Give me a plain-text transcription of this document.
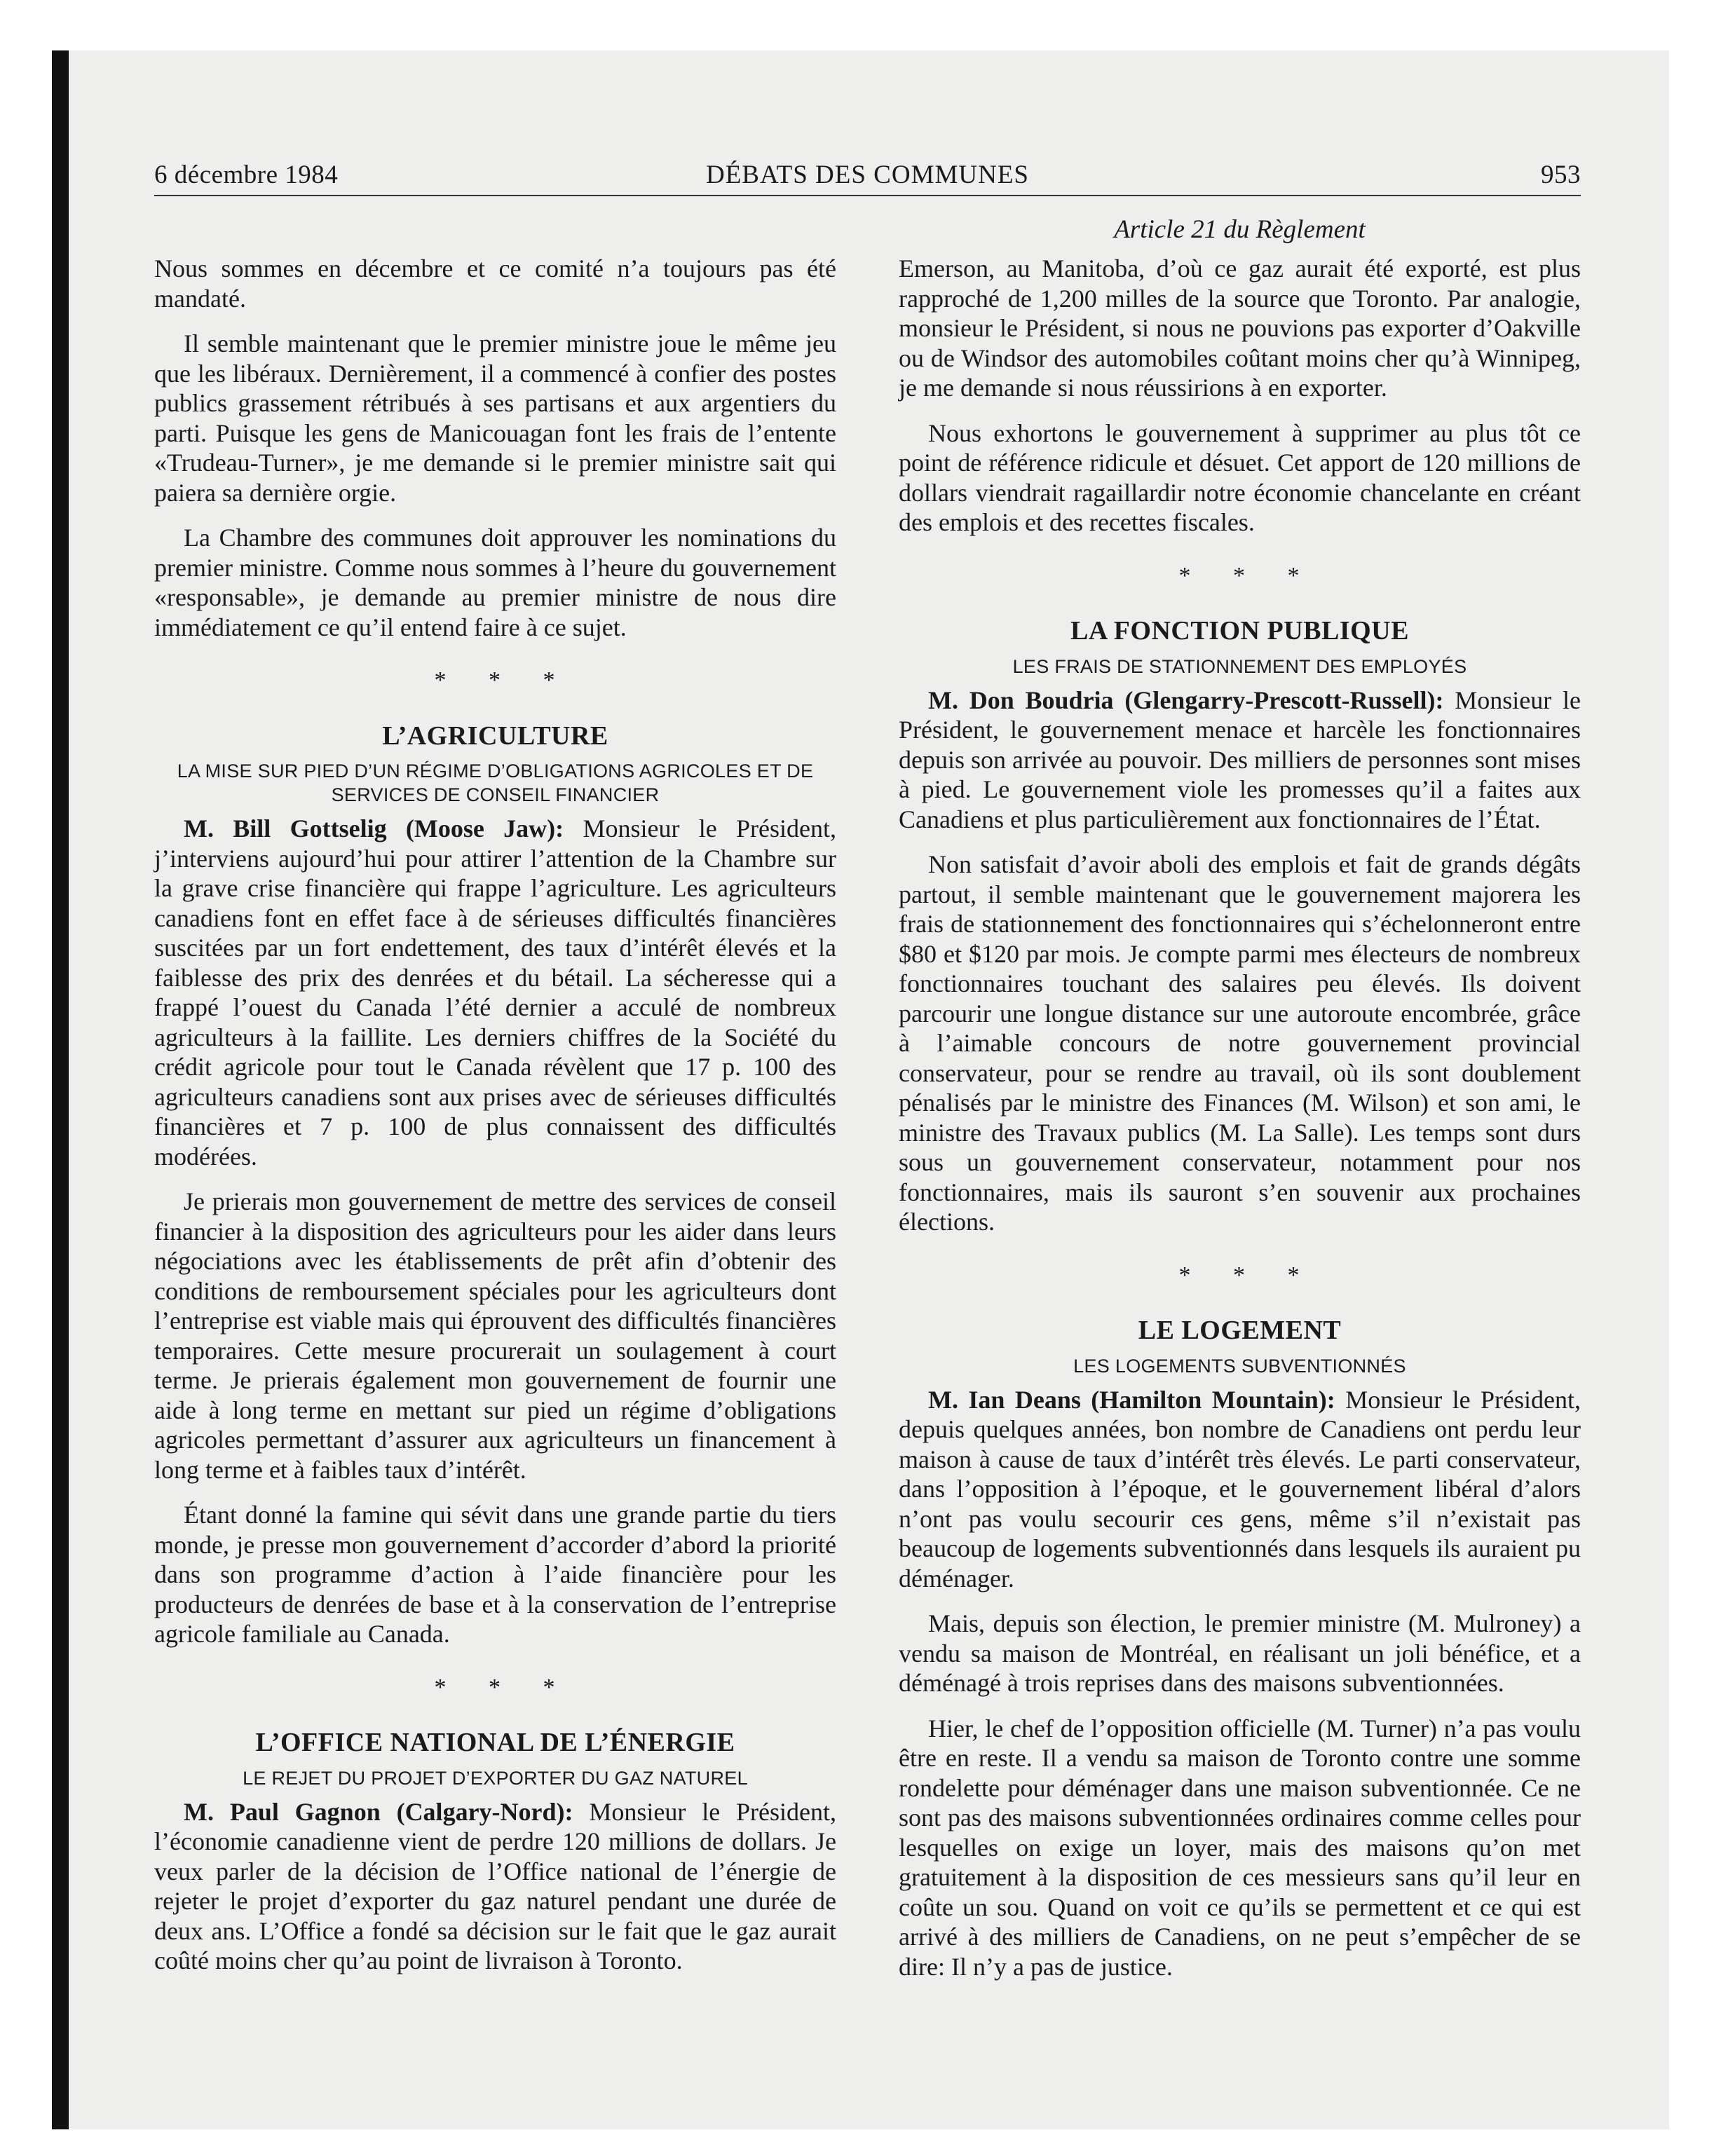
6 décembre 1984	DÉBATS DES COMMUNES	953
Article 21 du Règlement

Nous sommes en décembre et ce comité n’a toujours pas été mandaté.

Il semble maintenant que le premier ministre joue le même jeu que les libéraux. Dernièrement, il a commencé à confier des postes publics grassement rétribués à ses partisans et aux argentiers du parti. Puisque les gens de Manicouagan font les frais de l’entente «Trudeau-Turner», je me demande si le premier ministre sait qui paiera sa dernière orgie.

La Chambre des communes doit approuver les nominations du premier ministre. Comme nous sommes à l’heure du gouvernement «responsable», je demande au premier ministre de nous dire immédiatement ce qu’il entend faire à ce sujet.

* * *
L’AGRICULTURE
LA MISE SUR PIED D’UN RÉGIME D’OBLIGATIONS AGRICOLES ET DE SERVICES DE CONSEIL FINANCIER

M. Bill Gottselig (Moose Jaw): Monsieur le Président, j’interviens aujourd’hui pour attirer l’attention de la Chambre sur la grave crise financière qui frappe l’agriculture. Les agriculteurs canadiens font en effet face à de sérieuses difficultés financières suscitées par un fort endettement, des taux d’intérêt élevés et la faiblesse des prix des denrées et du bétail. La sécheresse qui a frappé l’ouest du Canada l’été dernier a acculé de nombreux agriculteurs à la faillite. Les derniers chiffres de la Société du crédit agricole pour tout le Canada révèlent que 17 p. 100 des agriculteurs canadiens sont aux prises avec de sérieuses difficultés financières et 7 p. 100 de plus connaissent des difficultés modérées.

Je prierais mon gouvernement de mettre des services de conseil financier à la disposition des agriculteurs pour les aider dans leurs négociations avec les établissements de prêt afin d’obtenir des conditions de remboursement spéciales pour les agriculteurs dont l’entreprise est viable mais qui éprouvent des difficultés financières temporaires. Cette mesure procurerait un soulagement à court terme. Je prierais également mon gouvernement de fournir une aide à long terme en mettant sur pied un régime d’obligations agricoles permettant d’assurer aux agriculteurs un financement à long terme et à faibles taux d’intérêt.

Étant donné la famine qui sévit dans une grande partie du tiers monde, je presse mon gouvernement d’accorder d’abord la priorité dans son programme d’action à l’aide financière pour les producteurs de denrées de base et à la conservation de l’entreprise agricole familiale au Canada.

* * *
L’OFFICE NATIONAL DE L’ÉNERGIE
LE REJET DU PROJET D’EXPORTER DU GAZ NATUREL

M. Paul Gagnon (Calgary-Nord): Monsieur le Président, l’économie canadienne vient de perdre 120 millions de dollars. Je veux parler de la décision de l’Office national de l’énergie de rejeter le projet d’exporter du gaz naturel pendant une durée de deux ans. L’Office a fondé sa décision sur le fait que le gaz aurait coûté moins cher qu’au point de livraison à Toronto.

Emerson, au Manitoba, d’où ce gaz aurait été exporté, est plus rapproché de 1,200 milles de la source que Toronto. Par analogie, monsieur le Président, si nous ne pouvions pas exporter d’Oakville ou de Windsor des automobiles coûtant moins cher qu’à Winnipeg, je me demande si nous réussirions à en exporter.

Nous exhortons le gouvernement à supprimer au plus tôt ce point de référence ridicule et désuet. Cet apport de 120 millions de dollars viendrait ragaillardir notre économie chancelante en créant des emplois et des recettes fiscales.

* * *
LA FONCTION PUBLIQUE
LES FRAIS DE STATIONNEMENT DES EMPLOYÉS

M. Don Boudria (Glengarry-Prescott-Russell): Monsieur le Président, le gouvernement menace et harcèle les fonctionnaires depuis son arrivée au pouvoir. Des milliers de personnes sont mises à pied. Le gouvernement viole les promesses qu’il a faites aux Canadiens et plus particulièrement aux fonctionnaires de l’État.

Non satisfait d’avoir aboli des emplois et fait de grands dégâts partout, il semble maintenant que le gouvernement majorera les frais de stationnement des fonctionnaires qui s’échelonneront entre $80 et $120 par mois. Je compte parmi mes électeurs de nombreux fonctionnaires touchant des salaires peu élevés. Ils doivent parcourir une longue distance sur une autoroute encombrée, grâce à l’aimable concours de notre gouvernement provincial conservateur, pour se rendre au travail, où ils sont doublement pénalisés par le ministre des Finances (M. Wilson) et son ami, le ministre des Travaux publics (M. La Salle). Les temps sont durs sous un gouvernement conservateur, notamment pour nos fonctionnaires, mais ils sauront s’en souvenir aux prochaines élections.

* * *
LE LOGEMENT
LES LOGEMENTS SUBVENTIONNÉS

M. Ian Deans (Hamilton Mountain): Monsieur le Président, depuis quelques années, bon nombre de Canadiens ont perdu leur maison à cause de taux d’intérêt très élevés. Le parti conservateur, dans l’opposition à l’époque, et le gouvernement libéral d’alors n’ont pas voulu secourir ces gens, même s’il n’existait pas beaucoup de logements subventionnés dans lesquels ils auraient pu déménager.

Mais, depuis son élection, le premier ministre (M. Mulroney) a vendu sa maison de Montréal, en réalisant un joli bénéfice, et a déménagé à trois reprises dans des maisons subventionnées.

Hier, le chef de l’opposition officielle (M. Turner) n’a pas voulu être en reste. Il a vendu sa maison de Toronto contre une somme rondelette pour déménager dans une maison subventionnée. Ce ne sont pas des maisons subventionnées ordinaires comme celles pour lesquelles on exige un loyer, mais des maisons qu’on met gratuitement à la disposition de ces messieurs sans qu’il leur en coûte un sou. Quand on voit ce qu’ils se permettent et ce qui est arrivé à des milliers de Canadiens, on ne peut s’empêcher de se dire: Il n’y a pas de justice.
